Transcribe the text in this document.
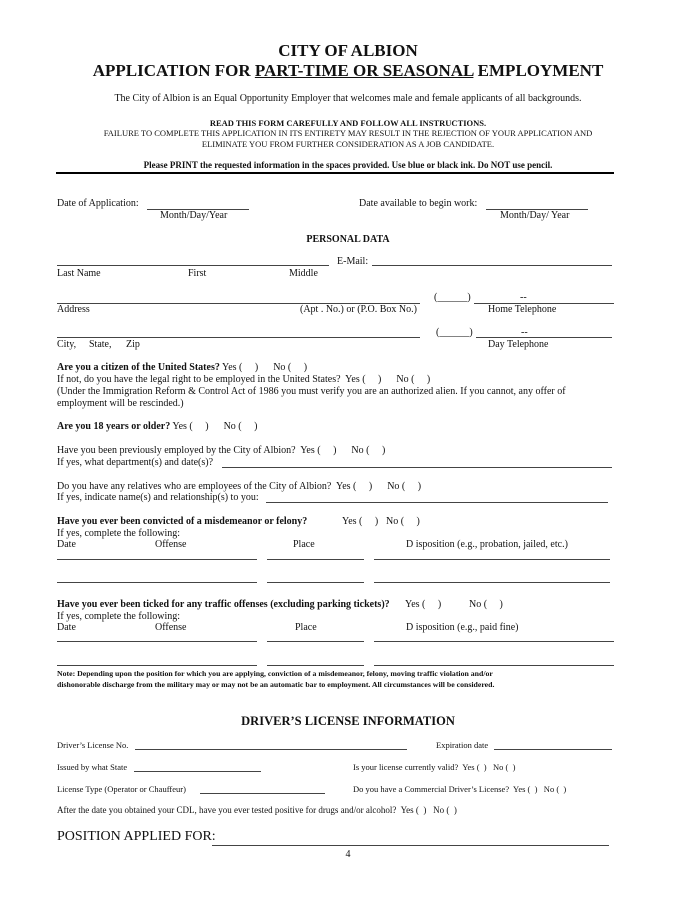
CITY OF ALBION
APPLICATION FOR PART-TIME OR SEASONAL EMPLOYMENT
The City of Albion is an Equal Opportunity Employer that welcomes male and female applicants of all backgrounds.
READ THIS FORM CAREFULLY AND FOLLOW ALL INSTRUCTIONS.
FAILURE TO COMPLETE THIS APPLICATION IN ITS ENTIRETY MAY RESULT IN THE REJECTION OF YOUR APPLICATION AND
ELIMINATE YOU FROM FURTHER CONSIDERATION AS A JOB CANDIDATE.
Please PRINT the requested information in the spaces provided. Use blue or black ink. Do NOT use pencil.
Date of Application:
Month/Day/Year
Date available to begin work:
Month/Day/ Year
PERSONAL DATA
E-Mail:
Last Name	First	Middle
Address	(Apt . No.) or (P.O. Box No.)
(______)	--
Home Telephone
City, State, Zip
(______)	--
Day Telephone
Are you a citizen of the United States? Yes (     )      No (     )
If not, do you have the legal right to be employed in the United States?  Yes (     )      No (     )
(Under the Immigration Reform & Control Act of 1986 you must verify you are an authorized alien. If you cannot, any offer of
employment will be rescinded.)
Are you 18 years or older? Yes (     )      No (     )
Have you been previously employed by the City of Albion?  Yes (     )      No (     )
If yes, what department(s) and date(s)?
Do you have any relatives who are employees of the City of Albion?  Yes (     )      No (     )
If yes, indicate name(s) and relationship(s) to you:
Have you ever been convicted of a misdemeanor or felony?	Yes (     ) No (     )
If yes, complete the following:
Date	Offense	Place	D isposition (e.g., probation, jailed, etc.)
Have you ever been ticked for any traffic offenses (excluding parking tickets)? Yes (     )	No (     )
If yes, complete the following:
Date	Offense	Place	D isposition (e.g., paid fine)
Note: Depending upon the position for which you are applying, conviction of a misdemeanor, felony, moving traffic violation and/or
dishonorable discharge from the military may or may not be an automatic bar to employment. All circumstances will be considered.
DRIVER’S LICENSE INFORMATION
Driver’s License No.	Expiration date
Issued by what State	Is your license currently valid?  Yes (  )   No (  )
License Type (Operator or Chauffeur)	Do you have a Commercial Driver’s License?  Yes (  )   No (  )
After the date you obtained your CDL, have you ever tested positive for drugs and/or alcohol?  Yes (  )   No (  )
POSITION APPLIED FOR:
4
